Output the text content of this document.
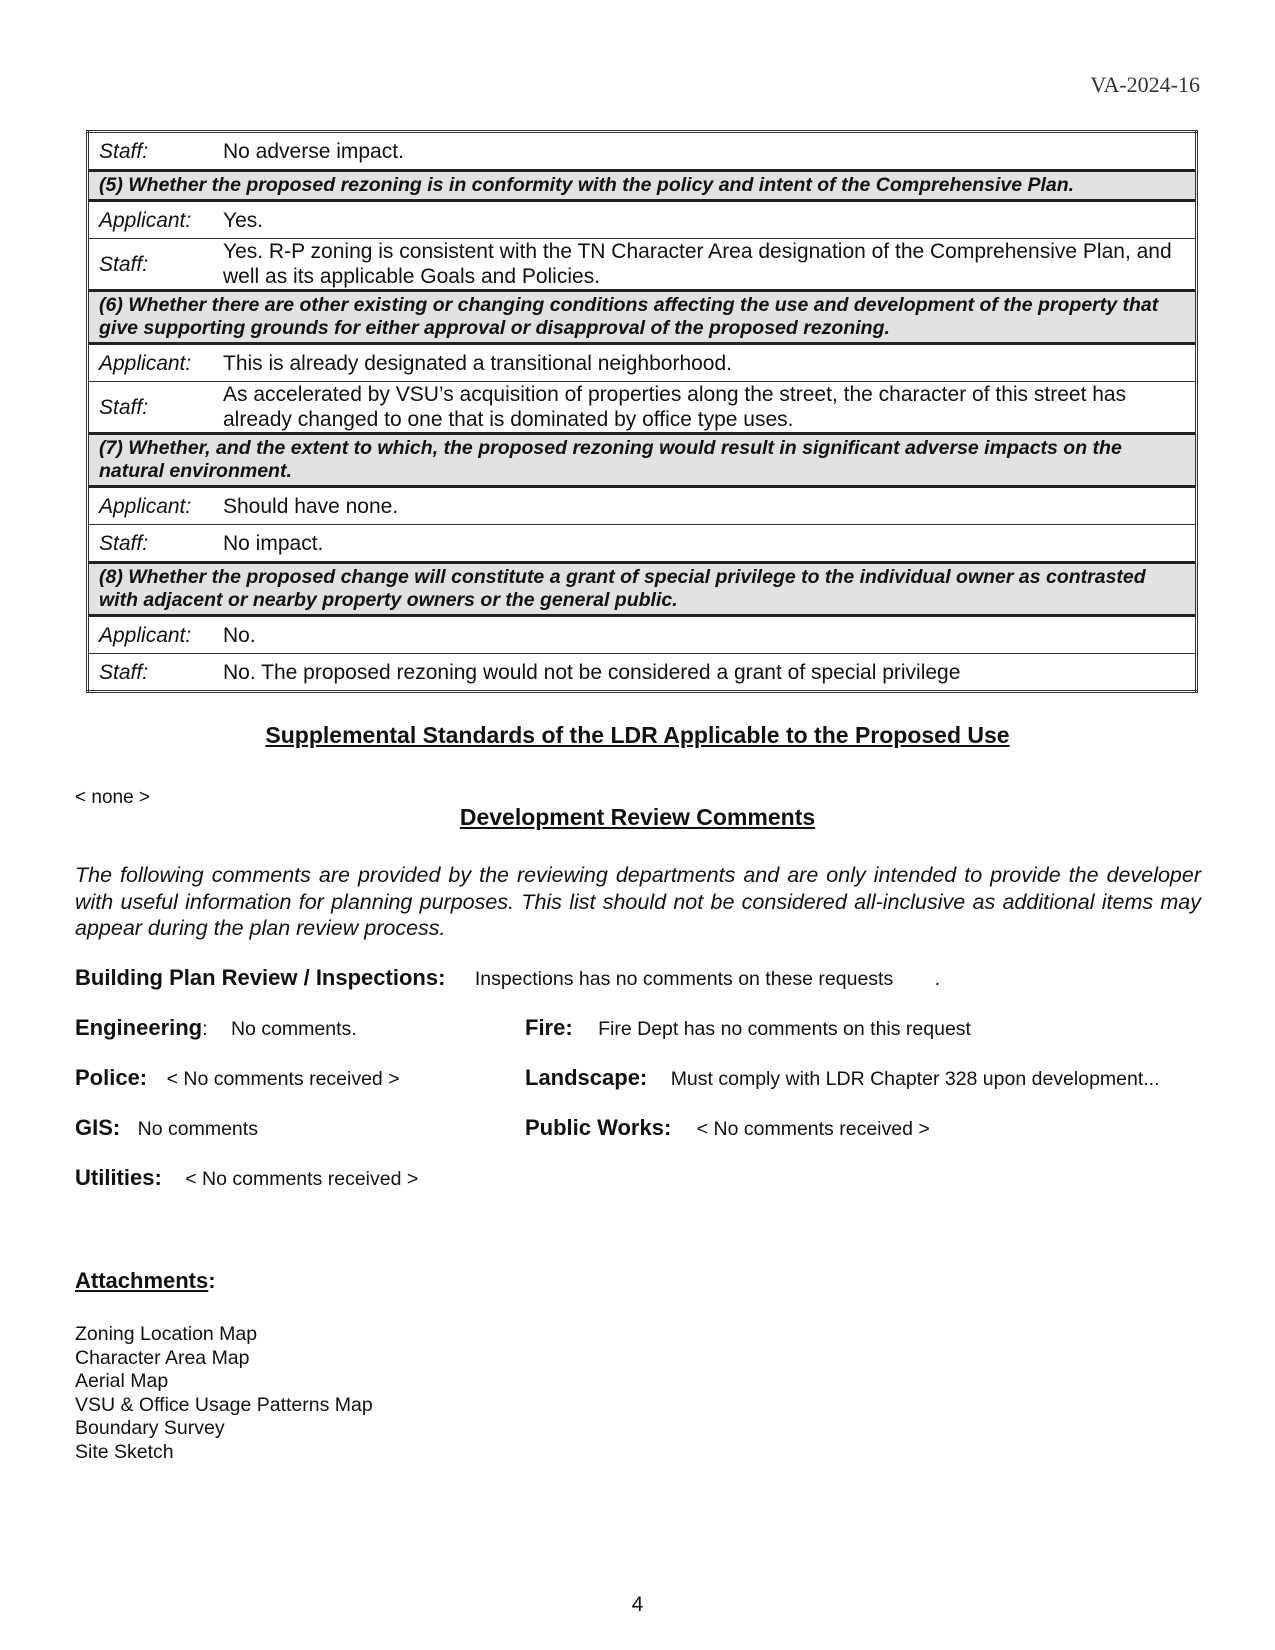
VA-2024-16
Staff:	No adverse impact.
(5) Whether the proposed rezoning is in conformity with the policy and intent of the Comprehensive Plan.	
Applicant:	Yes.
Staff:	Yes. R-P zoning is consistent with the TN Character Area designation of the Comprehensive Plan, and well as its applicable Goals and Policies.
(6) Whether there are other existing or changing conditions affecting the use and development of the property that give supporting grounds for either approval or disapproval of the proposed rezoning.	
Applicant:	This is already designated a transitional neighborhood.
Staff:	As accelerated by VSU’s acquisition of properties along the street, the character of this street has already changed to one that is dominated by office type uses.
(7) Whether, and the extent to which, the proposed rezoning would result in significant adverse impacts on the natural environment.	
Applicant:	Should have none.
Staff:	No impact.
(8) Whether the proposed change will constitute a grant of special privilege to the individual owner as contrasted with adjacent or nearby property owners or the general public.	
Applicant:	No.
Staff:	No. The proposed rezoning would not be considered a grant of special privilege
Supplemental Standards of the LDR Applicable to the Proposed Use
< none >
Development Review Comments

The following comments are provided by the reviewing departments and are only intended to provide the developer with useful information for planning purposes. This list should not be considered all-inclusive as additional items may appear during the plan review process.

Building Plan Review / Inspections: Inspections has no comments on these requests .
Engineering: No comments.	Fire: Fire Dept has no comments on this request
Police: < No comments received >	Landscape: Must comply with LDR Chapter 328 upon development...
GIS: No comments	Public Works: < No comments received >
Utilities: < No comments received >
Attachments:
Zoning Location Map
Character Area Map
Aerial Map
VSU & Office Usage Patterns Map
Boundary Survey
Site Sketch
4
